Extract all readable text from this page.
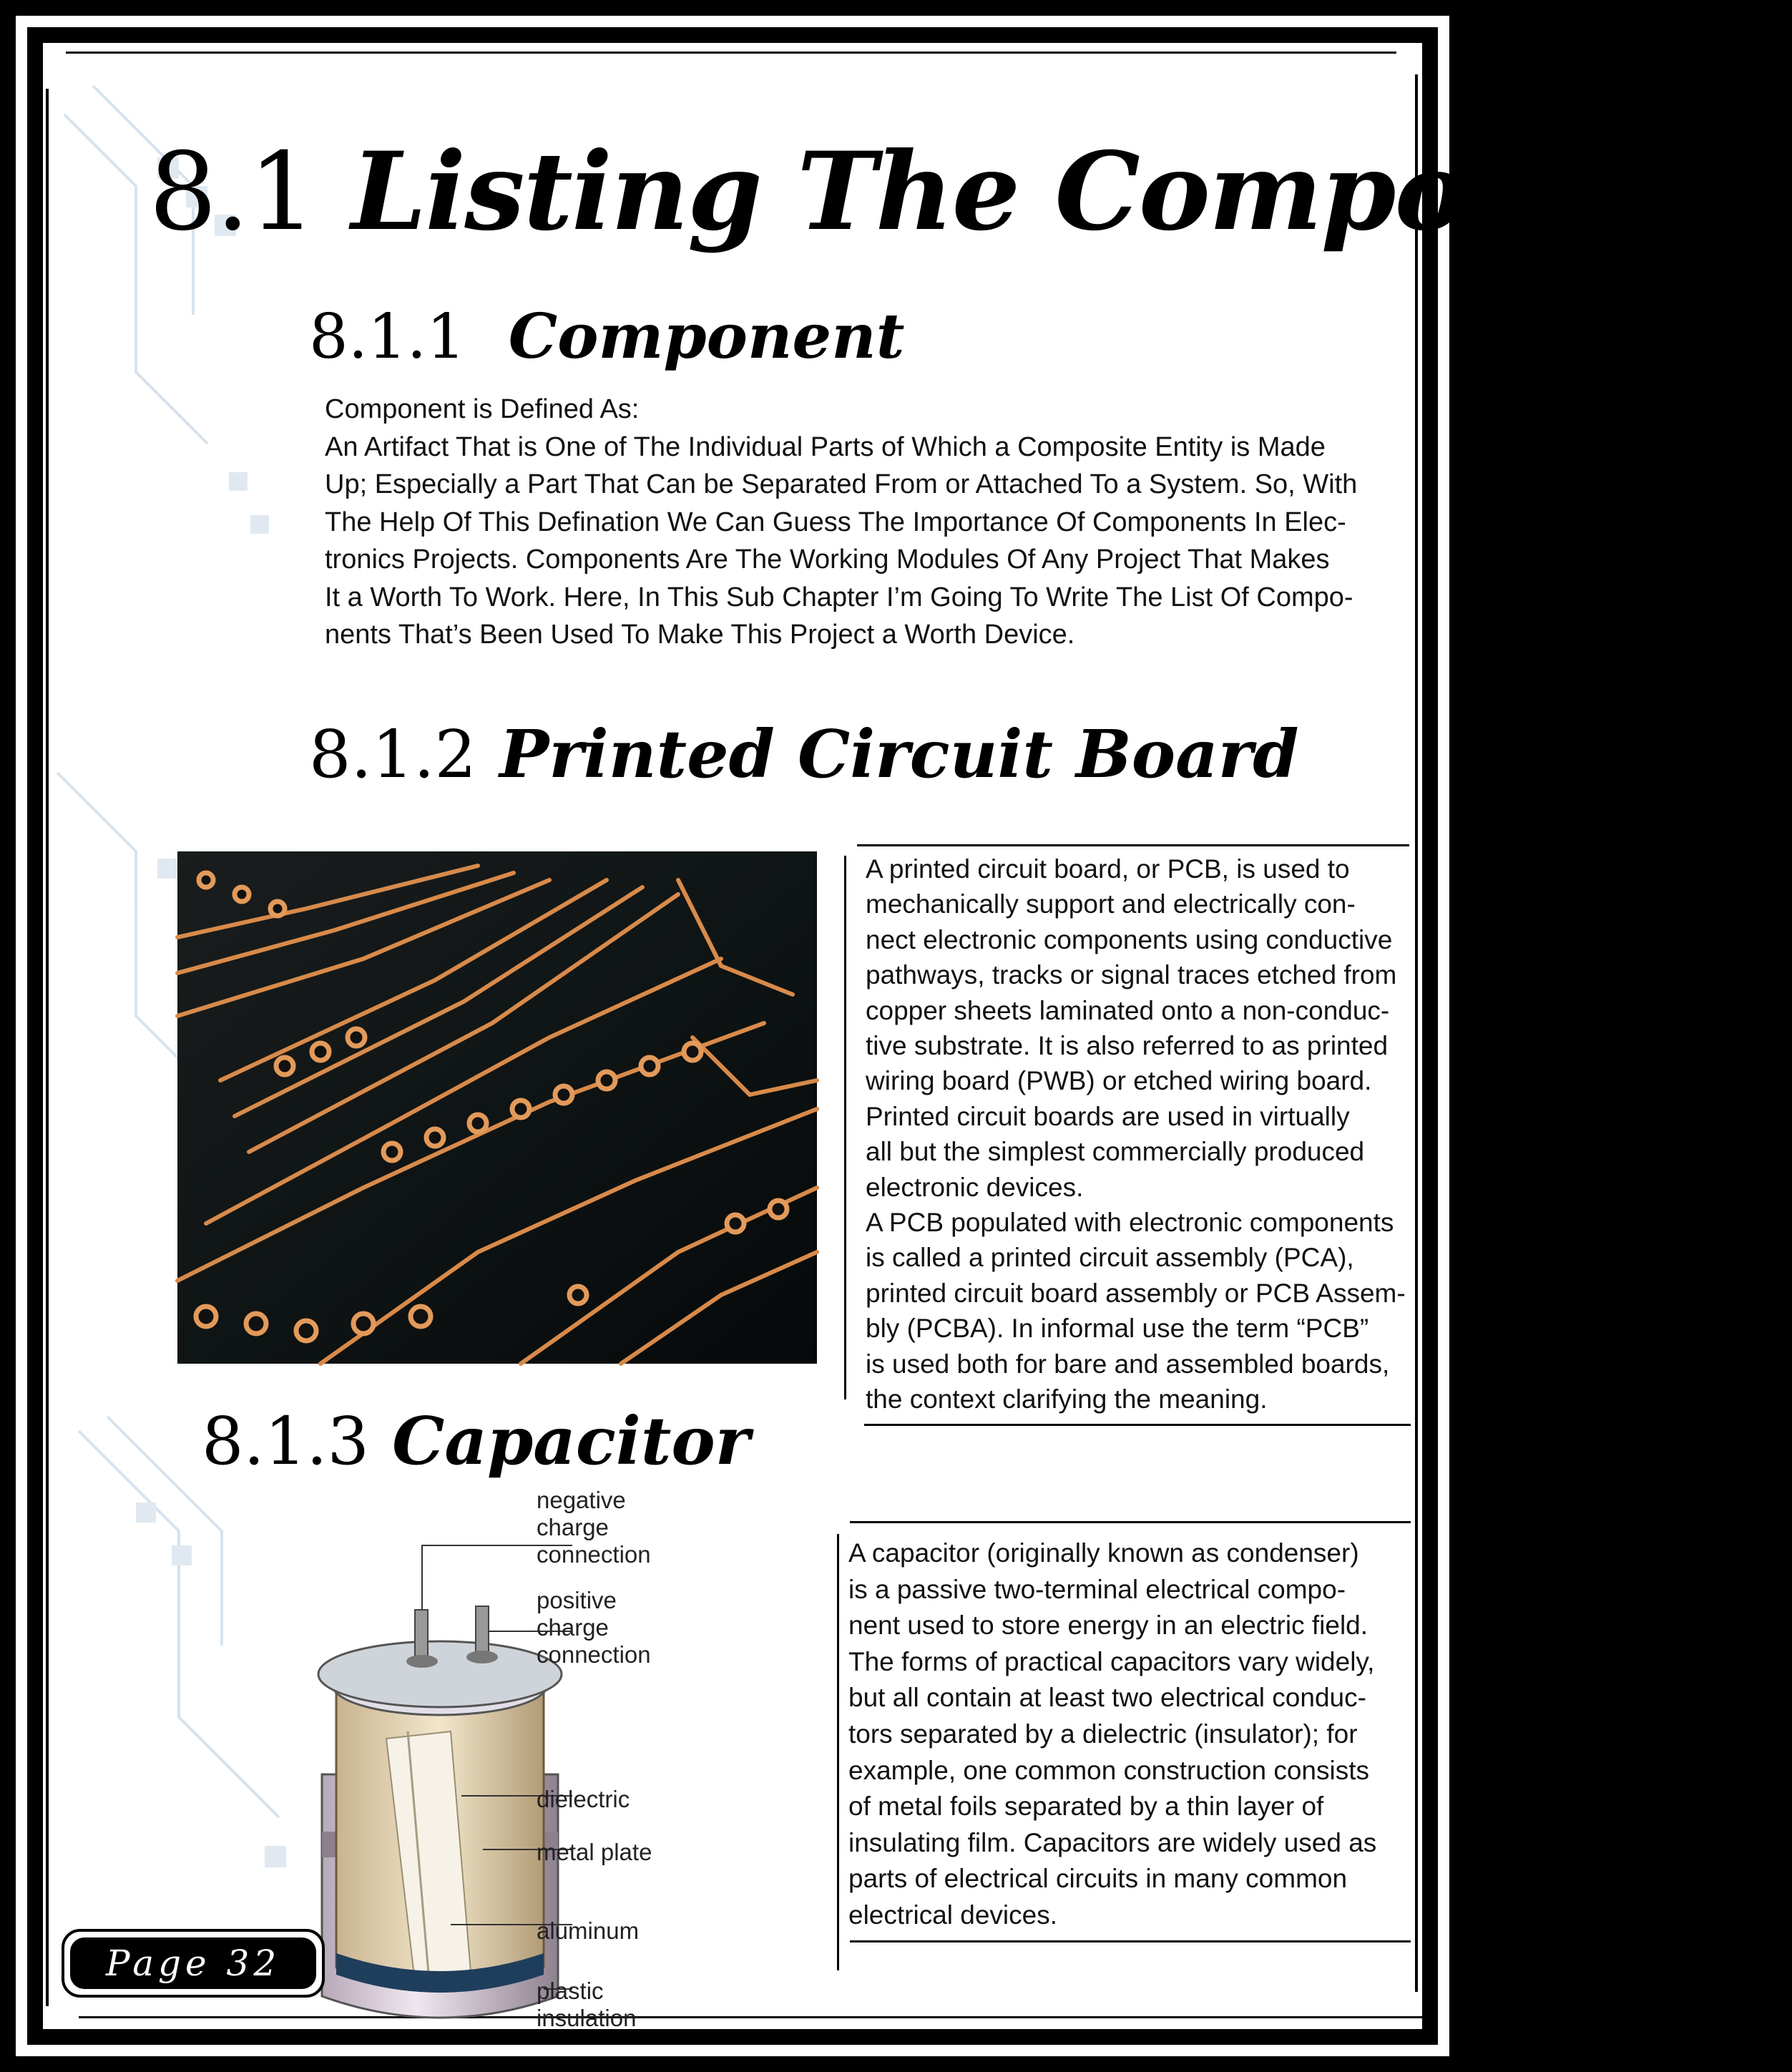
8.1 Listing The Components
8.1.1 Component

Component is Defined As:

An Artifact That is One of The Individual Parts of Which a Composite Entity is Made

Up; Especially a Part That Can be Separated From or Attached To a System. So, With

The Help Of This Defination We Can Guess The Importance Of Components In Elec-

tronics Projects. Components Are The Working Modules Of Any Project That Makes

It a Worth To Work. Here, In This Sub Chapter I’m Going To Write The List Of Compo-

nents That’s Been Used To Make This Project a Worth Device.

8.1.2 Printed Circuit Board

A printed circuit board, or PCB, is used to

mechanically support and electrically con-

nect electronic components using conductive

pathways, tracks or signal traces etched from

copper sheets laminated onto a non-conduc-

tive substrate. It is also referred to as printed

wiring board (PWB) or etched wiring board.

Printed circuit boards are used in virtually

all but the simplest commercially produced

electronic devices.

A PCB populated with electronic components

is called a printed circuit assembly (PCA),

printed circuit board assembly or PCB Assem-

bly (PCBA). In informal use the term “PCB”

is used both for bare and assembled boards,

the context clarifying the meaning.

8.1.3 Capacitor
negative
charge
connection
positive
charge
connection
dielectric
metal plate
aluminum
plastic
insulation

A capacitor (originally known as condenser)

is a passive two-terminal electrical compo-

nent used to store energy in an electric field.

The forms of practical capacitors vary widely,

but all contain at least two electrical conduc-

tors separated by a dielectric (insulator); for

example, one common construction consists

of metal foils separated by a thin layer of

insulating film. Capacitors are widely used as

parts of electrical circuits in many common

electrical devices.

Page 32
